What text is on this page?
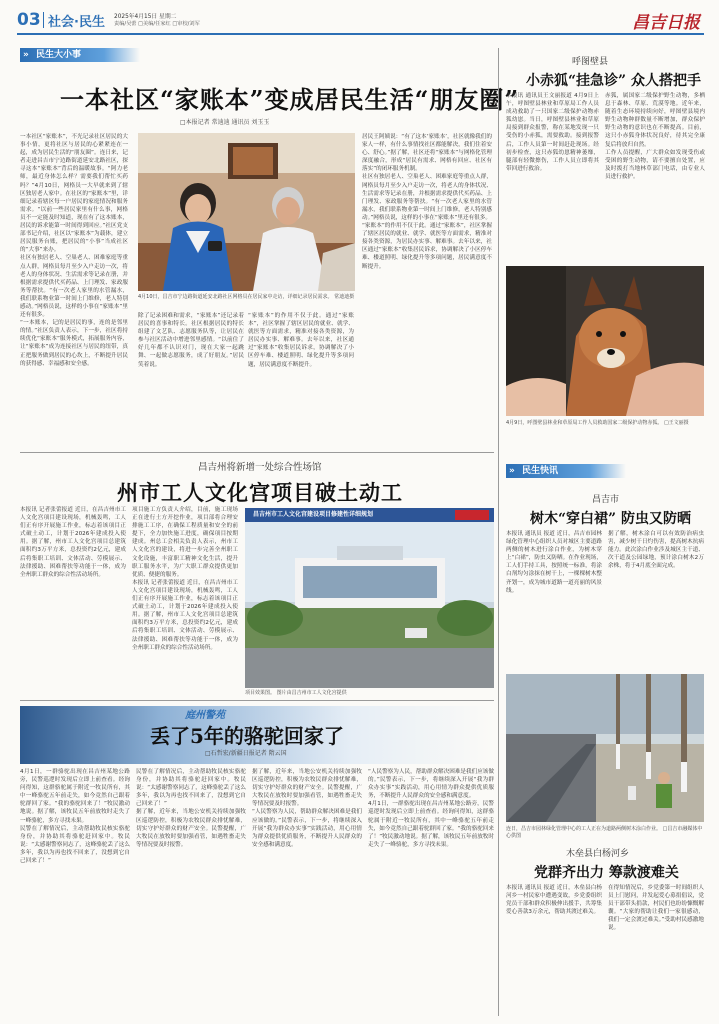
03 社会·民生 2025年4月15日 星期二
责编/吴蕾 □美编/任家红 □审校/刘军	昌吉日报
» 民生大小事
一本社区“家账本”变成居民生活“朋友圈”
□本报记者 常迪迪 通讯员 刘玉玉

一本社区“家账本”，不光记录社区居民的大事小情，更将社区与居民的心紧紧连在一起，成为居民生活的“朋友圈”。连日来，记者走进昌吉市宁边路街道延安北路社区，探寻这本“家账本”背后的温暖故事。“阿力老师，最近身体怎么样？需要我们帮忙买药吗？”4月10日，网格员一大早就来到了辖区独居老人家中。在社区的“家账本”里，详细记录着辖区每一户居民的家庭情况和服务需求。“以前一些居民家里有什么事，网格员不一定能及时知道，现在有了这本账本，居民的诉求能第一时间得到回应。”社区党支部书记介绍，社区以“家账本”为载体，建立居民服务台账，把居民的“小事”当成社区的“大事”来办。

社区有独居老人、空巢老人、困难家庭等重点人群，网格员每月至少入户走访一次，将老人的身体状况、生活需求等记录在册，并根据需求提供代买药品、上门理发、家政服务等帮扶。“有一次老人家里的水管漏水，我们联系物业第一时间上门维修，老人特别感动。”网格员说，这样的小事在“家账本”里还有很多。

“一本账本，记的是居民的事，连的是邻里的情。”社区负责人表示，下一步，社区将持续优化“家账本”服务模式，拓展服务内容，让“家账本”成为连接社区与居民的纽带，真正把服务做到居民的心坎上，不断提升居民的获得感、幸福感和安全感。

4月10日，昌吉市宁边路街道延安北路社区网格员在居民家中走访，详细记录居民需求。 常迪迪摄

除了记录困难和需求，“家账本”还记录着居民的喜事和特长。社区根据居民的特长组建了文艺队、志愿服务队等，让居民在参与社区活动中增进邻里感情。“以前住了好几年都不认识对门，现在大家一起跳舞、一起做志愿服务，成了好朋友。”居民笑着说。

“家账本”的作用不仅于此。通过“家账本”，社区掌握了辖区居民的就业、就学、就医等方面需求，精准对接各类资源，为居民办实事、解难事。去年以来，社区通过“家账本”收集居民诉求，协调解决了小区停车难、楼道照明、绿化提升等多项问题，居民满意度不断提升。

居民王阿姨说：“有了这本‘家账本’，社区就像我们的家人一样，有什么事情找社区都能解决，我们住着安心、舒心。”据了解，社区还将“家账本”与网格化管理深度融合，形成“居民有需求、网格有回应、社区有落实”的闭环服务机制。

社区有独居老人、空巢老人、困难家庭等重点人群，网格员每月至少入户走访一次，将老人的身体状况、生活需求等记录在册，并根据需求提供代买药品、上门理发、家政服务等帮扶。“有一次老人家里的水管漏水，我们联系物业第一时间上门维修，老人特别感动。”网格员说，这样的小事在“家账本”里还有很多。

“家账本”的作用不仅于此。通过“家账本”，社区掌握了辖区居民的就业、就学、就医等方面需求，精准对接各类资源，为居民办实事、解难事。去年以来，社区通过“家账本”收集居民诉求，协调解决了小区停车难、楼道照明、绿化提升等多项问题，居民满意度不断提升。

呼图壁县
小赤狐“挂急诊” 众人搭把手

本报讯 通讯员王文丽报道 4月9日上午，呼图壁县林业和草原局工作人员成功救助了一只国家二级保护动物赤狐幼崽。当日，呼图壁县林业和草原局接到群众报警，称在某地发现一只受伤的小赤狐，需要救助。接到报警后，工作人员第一时间赶赴现场。经初步检查，这只赤狐幼崽精神萎靡，腿部有轻微擦伤，工作人员立即将其带回进行救治。

赤狐，属国家二级保护野生动物，多栖息于森林、草原、荒漠等地。近年来，随着生态环境持续向好，呼图壁县境内野生动物种群数量不断增加，群众保护野生动物的意识也在不断提高。目前，这只小赤狐身体状况良好，待其完全康复后将放归自然。

工作人员提醒，广大群众如发现受伤或受困的野生动物，请不要擅自处置，应及时拨打当地林草部门电话，由专业人员进行救护。

4月9日，呼图壁县林业和草原局工作人员救助国家二级保护动物赤狐。 □王文丽摄
昌吉州将新增一处综合性场馆
州市工人文化宫项目破土动工

本报讯 记者张蕾报道 近日，在昌吉州市工人文化宫项目建设现场，机械轰鸣，工人们正有序开展施工作业，标志着该项目正式破土动工，计划于2026年建成投入使用。据了解，州市工人文化宫项目总建筑面积约3万平方米，总投资约2亿元，建成后将集职工培训、文体活动、劳模展示、法律援助、困难帮扶等功能于一体，成为全州职工群众的综合性活动场所。

项目施工方负责人介绍，目前，施工现场正在进行土方开挖作业，项目部将合理安排施工工序，在确保工程质量和安全的前提下，全力加快施工进度，确保项目按期建成。州总工会相关负责人表示，州市工人文化宫的建设，将进一步完善全州职工文化设施，丰富职工精神文化生活，提升职工服务水平，为广大职工群众提供更加优质、便捷的服务。

本报讯 记者张蕾报道 近日，在昌吉州市工人文化宫项目建设现场，机械轰鸣，工人们正有序开展施工作业，标志着该项目正式破土动工，计划于2026年建成投入使用。据了解，州市工人文化宫项目总建筑面积约3万平方米，总投资约2亿元，建成后将集职工培训、文体活动、劳模展示、法律援助、困难帮扶等功能于一体，成为全州职工群众的综合性活动场所。

昌吉州市工人文化宫建设项目修建性详细规划
项目效果图。 图片由昌吉州市工人文化宫提供
庭州警苑
丢了5年的骆驼回家了
□石哲宏/新疆日报记者 隋云国

4月1日，一群骆驼出现在昌吉州某地公路旁，民警巡逻时发现后立即上前查看。经询问得知，这群骆驼属于附近一牧民所有，其中一峰骆驼五年前走失，如今竟然自己跟着驼群回了家。“我的骆驼回来了！”牧民激动地说。据了解，该牧民五年前放牧时走失了一峰骆驼，多方寻找未果。

民警在了解情况后，主动帮助牧民核实骆驼身份，并协助其将骆驼赶回家中。牧民说：“太感谢警察同志了，这峰骆驼丢了这么多年，我以为再也找不回来了，没想到它自己回来了！”

民警在了解情况后，主动帮助牧民核实骆驼身份，并协助其将骆驼赶回家中。牧民说：“太感谢警察同志了，这峰骆驼丢了这么多年，我以为再也找不回来了，没想到它自己回来了！”

据了解，近年来，当地公安机关持续加强牧区巡逻防控，积极为农牧民群众排忧解难，切实守护好群众的财产安全。民警提醒，广大牧民在放牧时要加强看管，如遇牲畜走失等情况要及时报警。

据了解，近年来，当地公安机关持续加强牧区巡逻防控，积极为农牧民群众排忧解难，切实守护好群众的财产安全。民警提醒，广大牧民在放牧时要加强看管，如遇牲畜走失等情况要及时报警。

“人民警察为人民，帮助群众解决困难是我们应该做的。”民警表示，下一步，将继续深入开展“我为群众办实事”实践活动，用心用情为群众提供优质服务，不断提升人民群众的安全感和满意度。

“人民警察为人民，帮助群众解决困难是我们应该做的。”民警表示，下一步，将继续深入开展“我为群众办实事”实践活动，用心用情为群众提供优质服务，不断提升人民群众的安全感和满意度。

4月1日，一群骆驼出现在昌吉州某地公路旁，民警巡逻时发现后立即上前查看。经询问得知，这群骆驼属于附近一牧民所有，其中一峰骆驼五年前走失，如今竟然自己跟着驼群回了家。“我的骆驼回来了！”牧民激动地说。据了解，该牧民五年前放牧时走失了一峰骆驼，多方寻找未果。

» 民生快讯
昌吉市
树木“穿白裙” 防虫又防晒

本报讯 通讯员 报道 近日，昌吉市园林绿化管理中心组织人员对城区主要道路两侧的树木进行涂白作业，为树木穿上“白裙”，防虫又防晒。在作业现场，工人们手持工具，按照统一标准，将涂白剂均匀涂抹在树干上，一棵棵树木整齐划一，成为城市道路一道亮丽的风景线。

据了解，树木涂白可以有效防治病虫害，减少树干日灼伤害，提高树木抗病能力。此次涂白作业涉及城区主干道、次干道及公园绿地，预计涂白树木2万余株，将于4月底全面完成。

连日，昌吉市园林绿化管理中心的工人正在为道路两侧树木涂白作业。 □昌吉市融媒体中心供图
木垒县白杨河乡
党群齐出力 筹款渡难关

本报讯 通讯员 报道 近日，木垒县白杨河乡一村民家中遭遇变故，乡党委组织党员干部和群众积极伸出援手，共筹集爱心善款3万余元，帮助其渡过难关。

在得知情况后，乡党委第一时间组织人员上门慰问，并发起爱心募捐倡议，党员干部带头捐款，村民们也纷纷慷慨解囊。“大家的帮助让我们一家很感动，我们一定会渡过难关。”受助村民感激地说。
